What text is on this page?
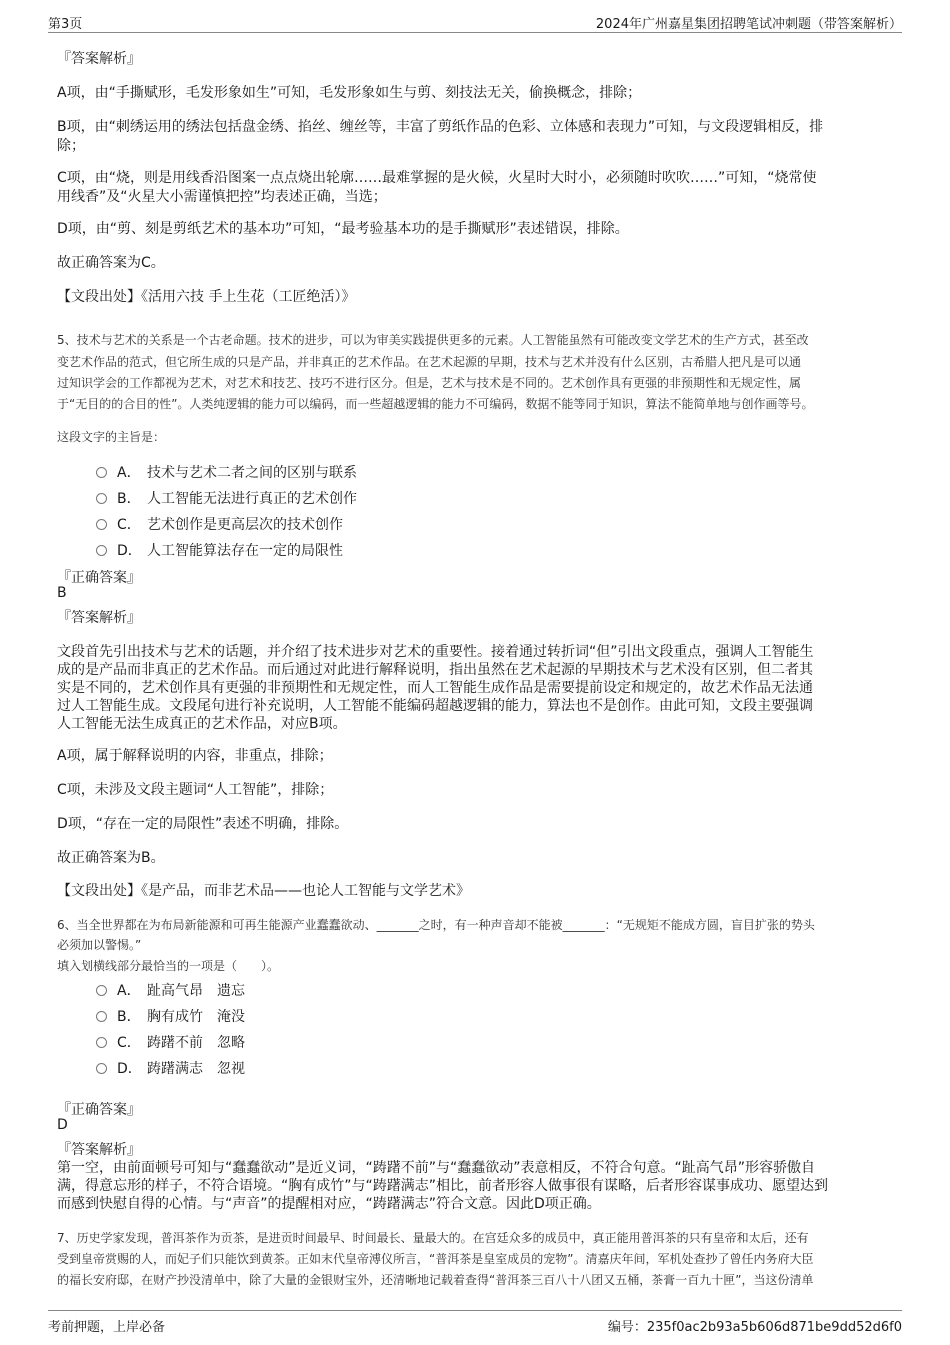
第3页	2024年广州嘉星集团招聘笔试冲刺题（带答案解析）
『答案解析』
A项，由“手撕赋形，毛发形象如生”可知，毛发形象如生与剪、刻技法无关，偷换概念，排除；
B项，由“刺绣运用的绣法包括盘金绣、掐丝、缠丝等，丰富了剪纸作品的色彩、立体感和表现力”可知，与文段逻辑相反，排
除；
C项，由“烧，则是用线香沿图案一点点烧出轮廓……最难掌握的是火候，火星时大时小，必须随时吹吹……”可知，“烧常使
用线香”及“火星大小需谨慎把控”均表述正确，当选；
D项，由“剪、刻是剪纸艺术的基本功”可知，“最考验基本功的是手撕赋形”表述错误，排除。
故正确答案为C。
【文段出处】《活用六技 手上生花（工匠绝活）》
5、技术与艺术的关系是一个古老命题。技术的进步，可以为审美实践提供更多的元素。人工智能虽然有可能改变文学艺术的生产方式，甚至改
变艺术作品的范式，但它所生成的只是产品，并非真正的艺术作品。在艺术起源的早期，技术与艺术并没有什么区别，古希腊人把凡是可以通
过知识学会的工作都视为艺术，对艺术和技艺、技巧不进行区分。但是，艺术与技术是不同的。艺术创作具有更强的非预期性和无规定性，属
于“无目的的合目的性”。人类纯逻辑的能力可以编码，而一些超越逻辑的能力不可编码，数据不能等同于知识，算法不能简单地与创作画等号。
这段文字的主旨是：
A． 技术与艺术二者之间的区别与联系
B． 人工智能无法进行真正的艺术创作
C． 艺术创作是更高层次的技术创作
D． 人工智能算法存在一定的局限性
『正确答案』
B
『答案解析』
文段首先引出技术与艺术的话题，并介绍了技术进步对艺术的重要性。接着通过转折词“但”引出文段重点，强调人工智能生
成的是产品而非真正的艺术作品。而后通过对此进行解释说明，指出虽然在艺术起源的早期技术与艺术没有区别，但二者其
实是不同的，艺术创作具有更强的非预期性和无规定性，而人工智能生成作品是需要提前设定和规定的，故艺术作品无法通
过人工智能生成。文段尾句进行补充说明，人工智能不能编码超越逻辑的能力，算法也不是创作。由此可知，文段主要强调
人工智能无法生成真正的艺术作品，对应B项。
A项，属于解释说明的内容，非重点，排除；
C项，未涉及文段主题词“人工智能”，排除；
D项，“存在一定的局限性”表述不明确，排除。
故正确答案为B。
【文段出处】《是产品，而非艺术品——也论人工智能与文学艺术》
6、当全世界都在为布局新能源和可再生能源产业蠢蠢欲动、_______之时，有一种声音却不能被_______：“无规矩不能成方圆，盲目扩张的势头
必须加以警惕。”
填入划横线部分最恰当的一项是（　　）。
A． 趾高气昂　遗忘
B． 胸有成竹　淹没
C． 踌躇不前　忽略
D． 踌躇满志　忽视
『正确答案』
D
『答案解析』
第一空，由前面顿号可知与“蠢蠢欲动”是近义词，“踌躇不前”与“蠢蠢欲动”表意相反，不符合句意。“趾高气昂”形容骄傲自
满，得意忘形的样子，不符合语境。“胸有成竹”与“踌躇满志”相比，前者形容人做事很有谋略，后者形容谋事成功、愿望达到
而感到快慰自得的心情。与“声音”的提醒相对应，“踌躇满志”符合文意。因此D项正确。
7、历史学家发现，普洱茶作为贡茶，是进贡时间最早、时间最长、量最大的。在宫廷众多的成员中，真正能用普洱茶的只有皇帝和太后，还有
受到皇帝赏赐的人，而妃子们只能饮到黄茶。正如末代皇帝溥仪所言，“普洱茶是皇室成员的宠物”。清嘉庆年间，军机处查抄了曾任内务府大臣
的福长安府邸，在财产抄没清单中，除了大量的金银财宝外，还清晰地记载着查得“普洱茶三百八十八团又五桶，茶膏一百九十匣”，当这份清单
考前押题，上岸必备	编号：235f0ac2b93a5b606d871be9dd52d6f0
